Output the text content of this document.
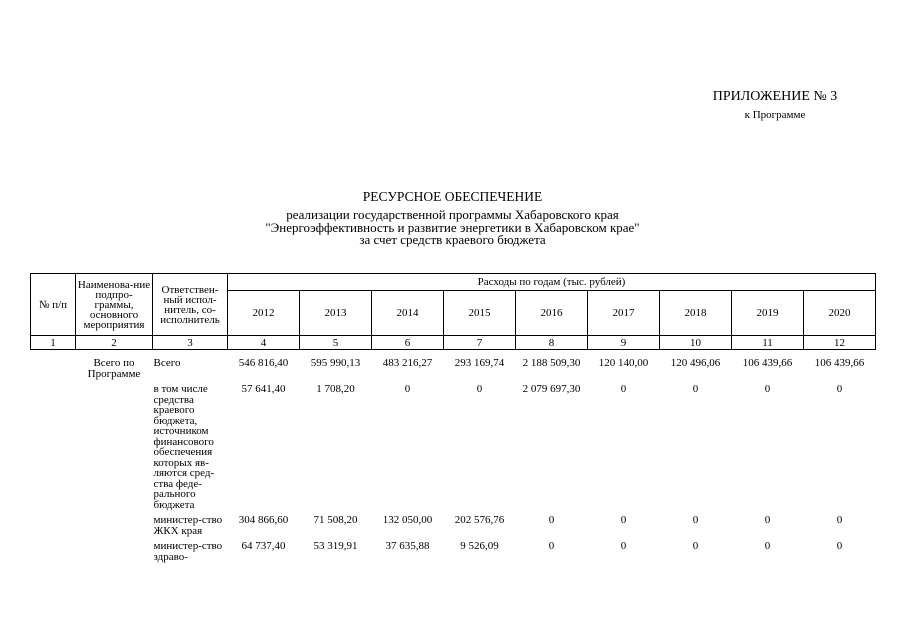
ПРИЛОЖЕНИЕ № 3
к Программе
РЕСУРСНОЕ ОБЕСПЕЧЕНИЕ
реализации государственной программы Хабаровского края
"Энергоэффективность и развитие энергетики в Хабаровском крае"
за счет средств краевого бюджета
№ п/п	Наименова-ние подпро-граммы, основного мероприятия	Ответствен-ный испол-нитель, со-исполнитель	Расходы по годам (тыс. рублей)								
			2012	2013	2014	2015	2016	2017	2018	2019	2020
1	2	3	4	5	6	7	8	9	10	11	12
	Всего по Программе	Всего	546 816,40	595 990,13	483 216,27	293 169,74	2 188 509,30	120 140,00	120 496,06	106 439,66	106 439,66
		в том числе средства краевого бюджета, источником финансового обеспечения которых яв-ляются сред-ства феде-рального бюджета	57 641,40	1 708,20	0	0	2 079 697,30	0	0	0	0
		министер-ство ЖКХ края	304 866,60	71 508,20	132 050,00	202 576,76	0	0	0	0	0
		министер-ство здраво-	64 737,40	53 319,91	37 635,88	9 526,09	0	0	0	0	0
